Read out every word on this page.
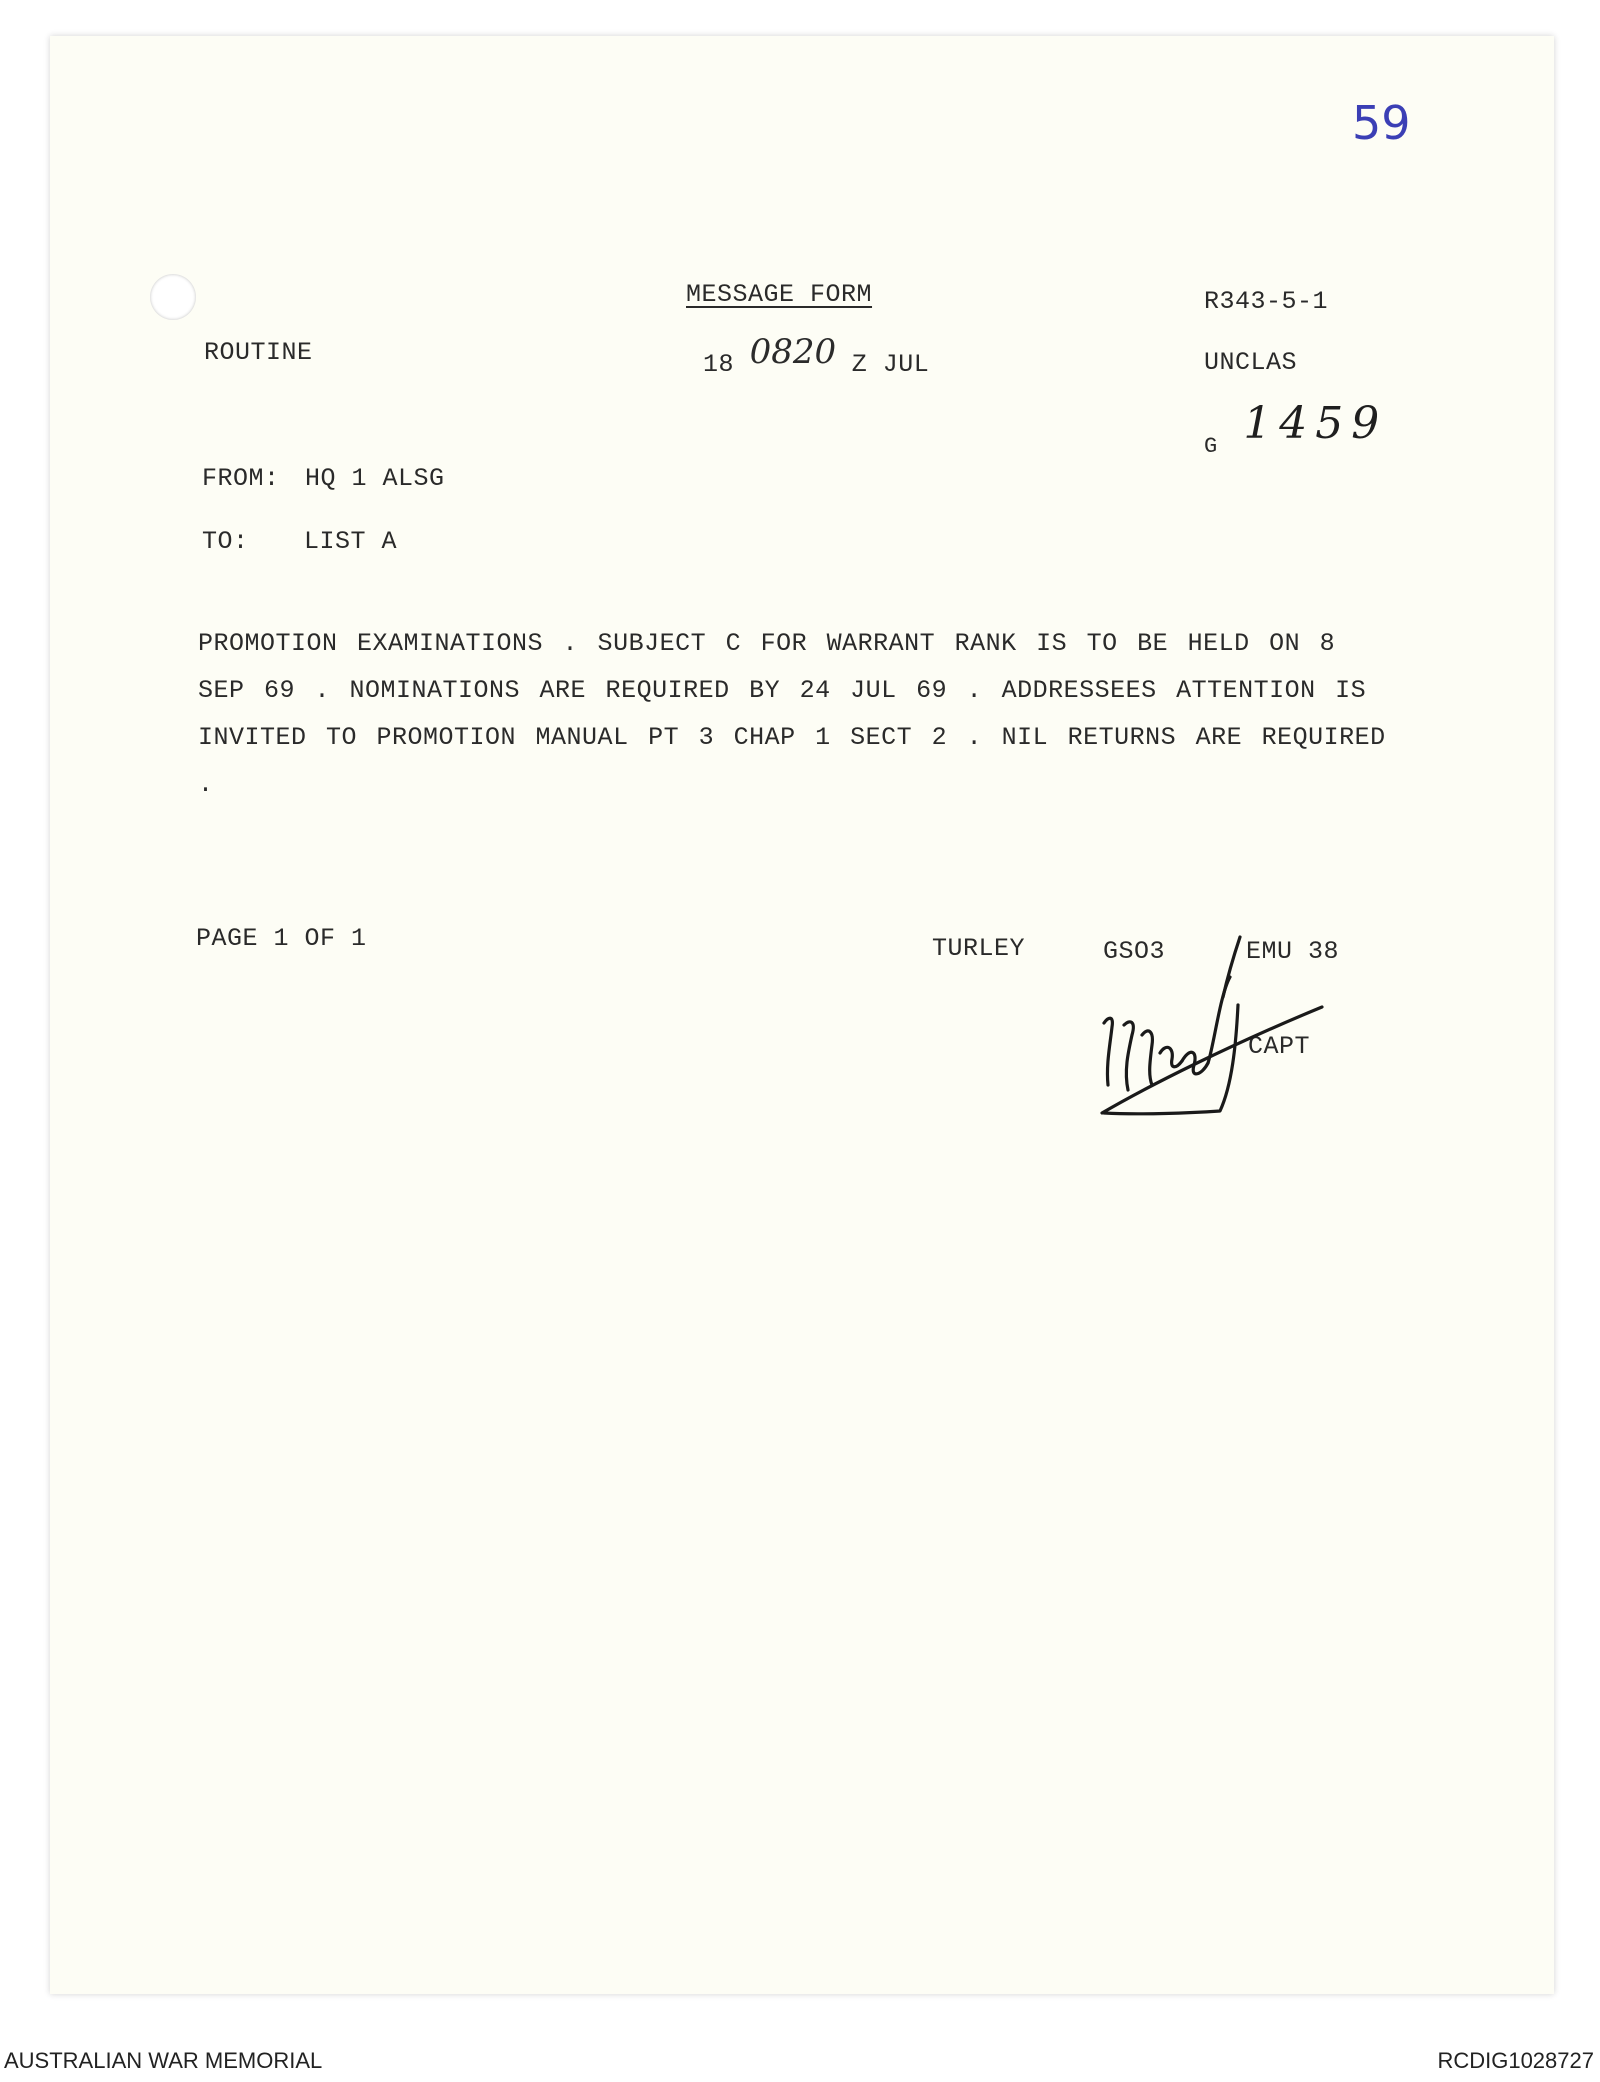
59
MESSAGE FORM	R343-5-1
ROUTINE	18 0820 Z JUL	UNCLAS
G 1459
FROM: HQ 1 ALSG
TO: LIST A
PROMOTION EXAMINATIONS . SUBJECT C FOR WARRANT RANK IS TO BE HELD ON 8 SEP 69 . NOMINATIONS ARE REQUIRED BY 24 JUL 69 . ADDRESSEES ATTENTION IS INVITED TO PROMOTION MANUAL PT 3 CHAP 1 SECT 2 . NIL RETURNS ARE REQUIRED .
PAGE 1 OF 1	TURLEY	GSO3	EMU 38
CAPT
AUSTRALIAN WAR MEMORIAL	RCDIG1028727
